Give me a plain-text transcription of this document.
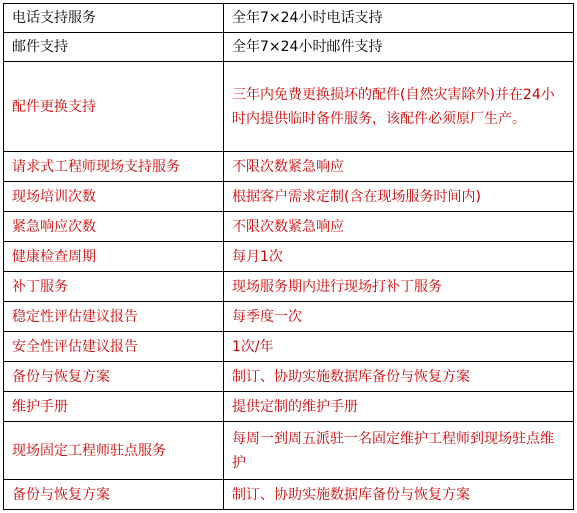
电话支持服务	全年7×24小时电话支持
邮件支持	全年7×24小时邮件支持
配件更换支持	三年内免费更换损坏的配件(自然灾害除外)并在24小时内提供临时备件服务，该配件必须原厂生产。
请求式工程师现场支持服务	不限次数紧急响应
现场培训次数	根据客户需求定制(含在现场服务时间内)
紧急响应次数	不限次数紧急响应
健康检查周期	每月1次
补丁服务	现场服务期内进行现场打补丁服务
稳定性评估建议报告	每季度一次
安全性评估建议报告	1次/年
备份与恢复方案	制订、协助实施数据库备份与恢复方案
维护手册	提供定制的维护手册
现场固定工程师驻点服务	每周一到周五派驻一名固定维护工程师到现场驻点维护
备份与恢复方案	制订、协助实施数据库备份与恢复方案
